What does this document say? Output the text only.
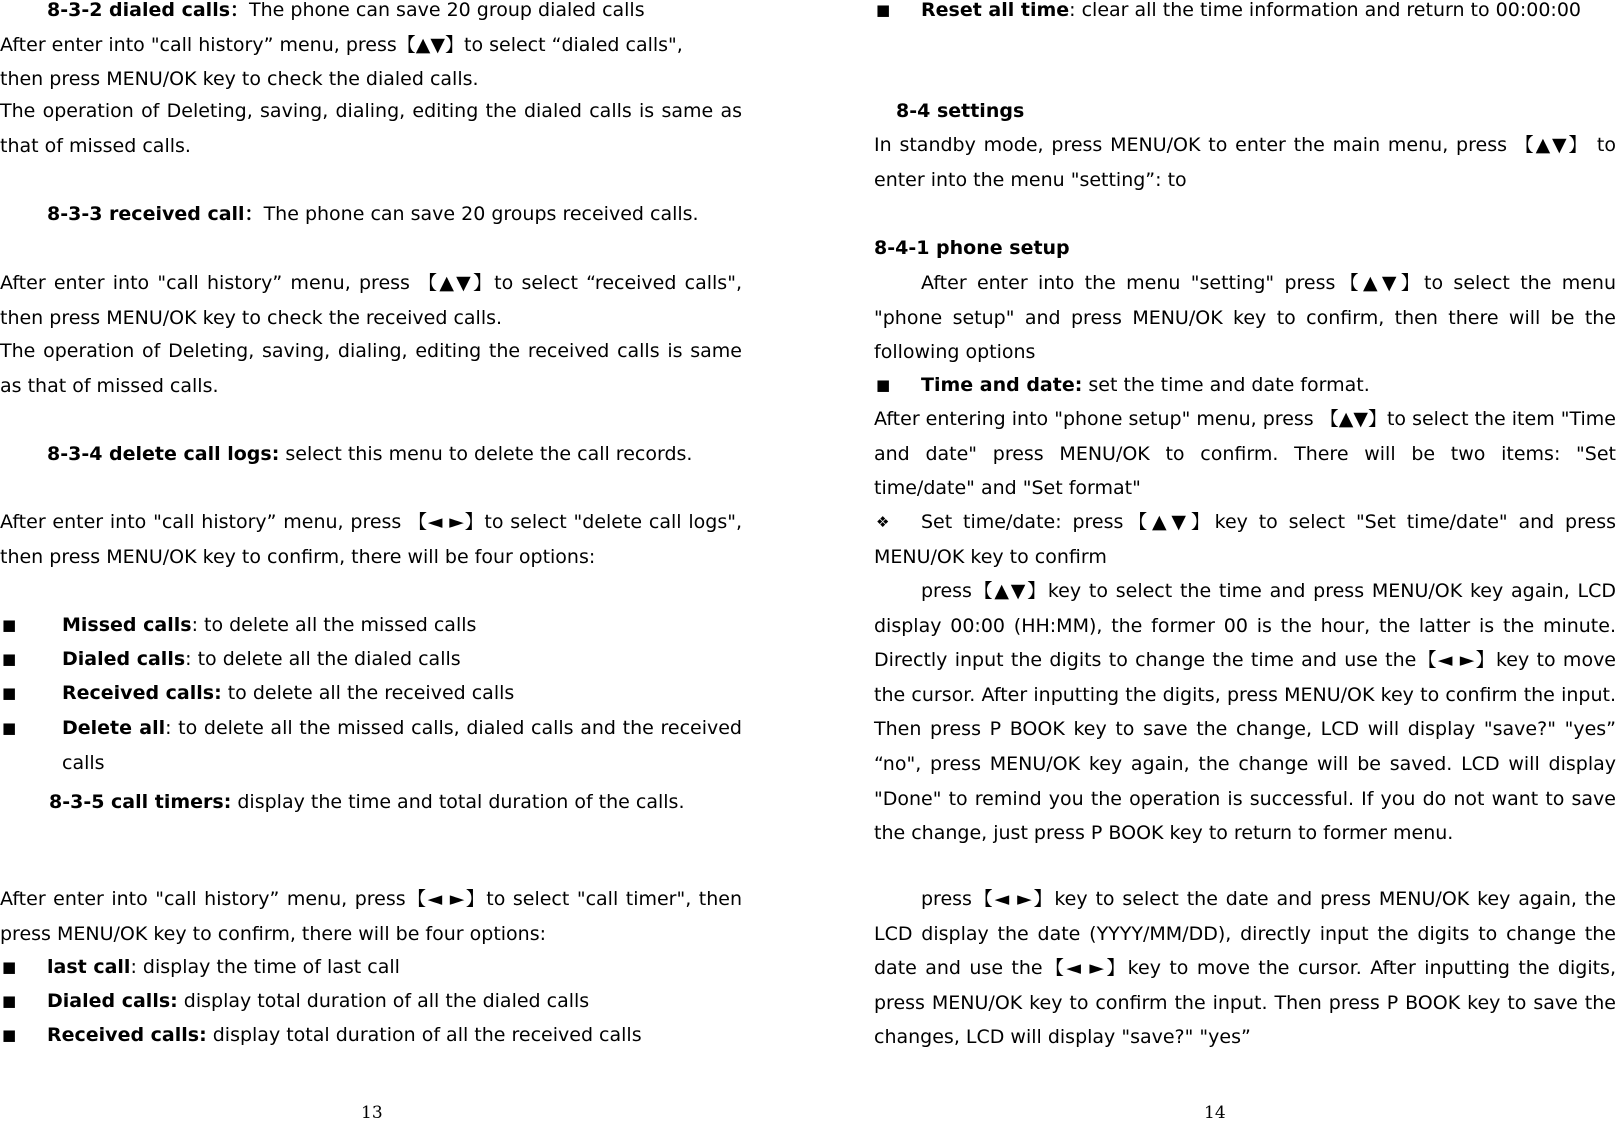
8-3-2 dialed calls：The phone can save 20 group dialed calls
After enter into "call history” menu, press【▲▼】to select “dialed calls",
then press MENU/OK key to check the dialed calls.
The operation of Deleting, saving, dialing, editing the dialed calls is same as that of missed calls.
8-3-3 received call：The phone can save 20 groups received calls.
After enter into "call history” menu, press 【▲▼】to select “received calls", then press MENU/OK key to check the received calls.
The operation of Deleting, saving, dialing, editing the received calls is same as that of missed calls.
8-3-4 delete call logs: select this menu to delete the call records.
After enter into "call history” menu, press 【◄ ►】to select "delete call logs", then press MENU/OK key to confirm, there will be four options:
■ Missed calls: to delete all the missed calls
■ Dialed calls: to delete all the dialed calls
■ Received calls: to delete all the received calls
■ Delete all: to delete all the missed calls, dialed calls and the received calls
8-3-5 call timers: display the time and total duration of the calls.
After enter into "call history” menu, press【◄ ►】to select "call timer", then press MENU/OK key to confirm, there will be four options:
■ last call: display the time of last call
■ Dialed calls: display total duration of all the dialed calls
■ Received calls: display total duration of all the received calls
13
■ Reset all time: clear all the time information and return to 00:00:00
8-4 settings
In standby mode, press MENU/OK to enter the main menu, press 【▲▼】 to enter into the menu "setting”: to
8-4-1 phone setup
After enter into the menu "setting" press【▲▼】to select the menu "phone setup" and press MENU/OK key to confirm, then there will be the following options
■ Time and date: set the time and date format.
After entering into "phone setup" menu, press 【▲▼】to select the item "Time and date" press MENU/OK to confirm. There will be two items: "Set time/date" and "Set format"
❖	Set time/date: press【▲▼】key to select "Set time/date" and press MENU/OK key to confirm
press【▲▼】key to select the time and press MENU/OK key again, LCD display 00:00 (HH:MM), the former 00 is the hour, the latter is the minute. Directly input the digits to change the time and use the【◄ ►】key to move the cursor. After inputting the digits, press MENU/OK key to confirm the input. Then press P BOOK key to save the change, LCD will display "save?" "yes” “no", press MENU/OK key again, the change will be saved. LCD will display "Done" to remind you the operation is successful. If you do not want to save the change, just press P BOOK key to return to former menu.
press【◄ ►】key to select the date and press MENU/OK key again, the LCD display the date (YYYY/MM/DD), directly input the digits to change the date and use the【◄ ►】key to move the cursor. After inputting the digits, press MENU/OK key to confirm the input. Then press P BOOK key to save the changes, LCD will display "save?" "yes”
14
